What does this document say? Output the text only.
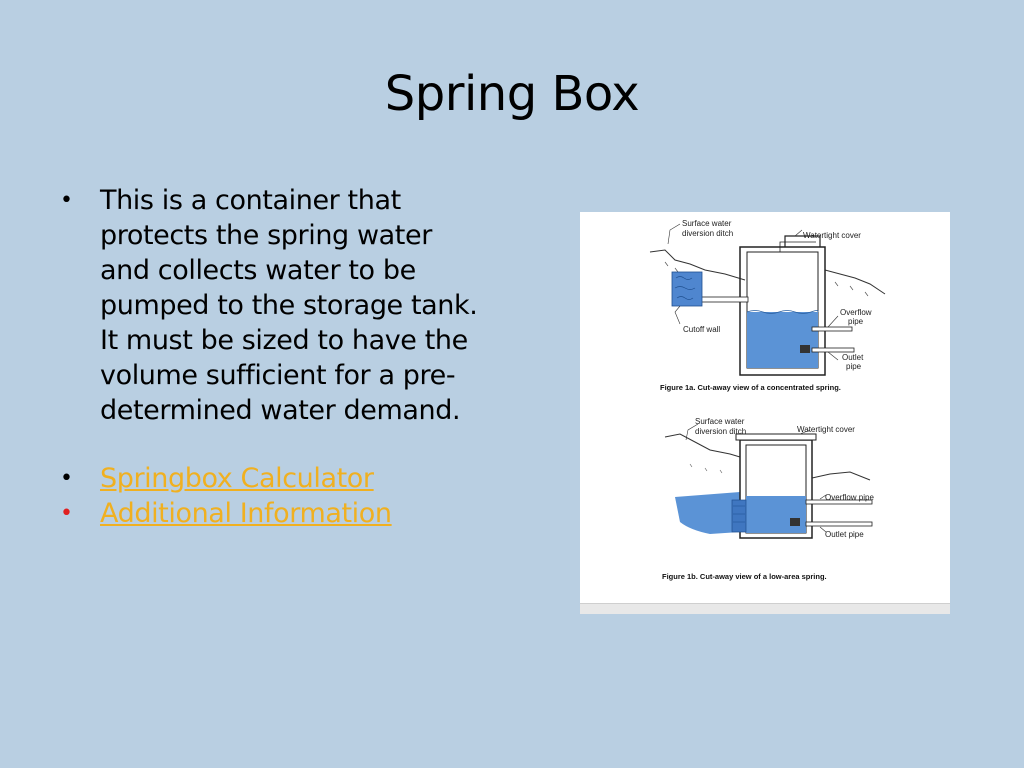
Spring Box
•	This is a container that protects the spring water and collects water to be pumped to the storage tank. It must be sized to have the volume sufficient for a pre-determined water demand.
•	Springbox Calculator
•	Additional Information
Surface water
diversion ditch	Watertight cover
Overflow
pipe
Cutoff wall
Outlet
pipe
Figure 1a. Cut-away view of a concentrated spring.
Surface water
diversion ditch	Watertight cover
Overflow pipe
Outlet pipe
Figure 1b. Cut-away view of a low-area spring.
